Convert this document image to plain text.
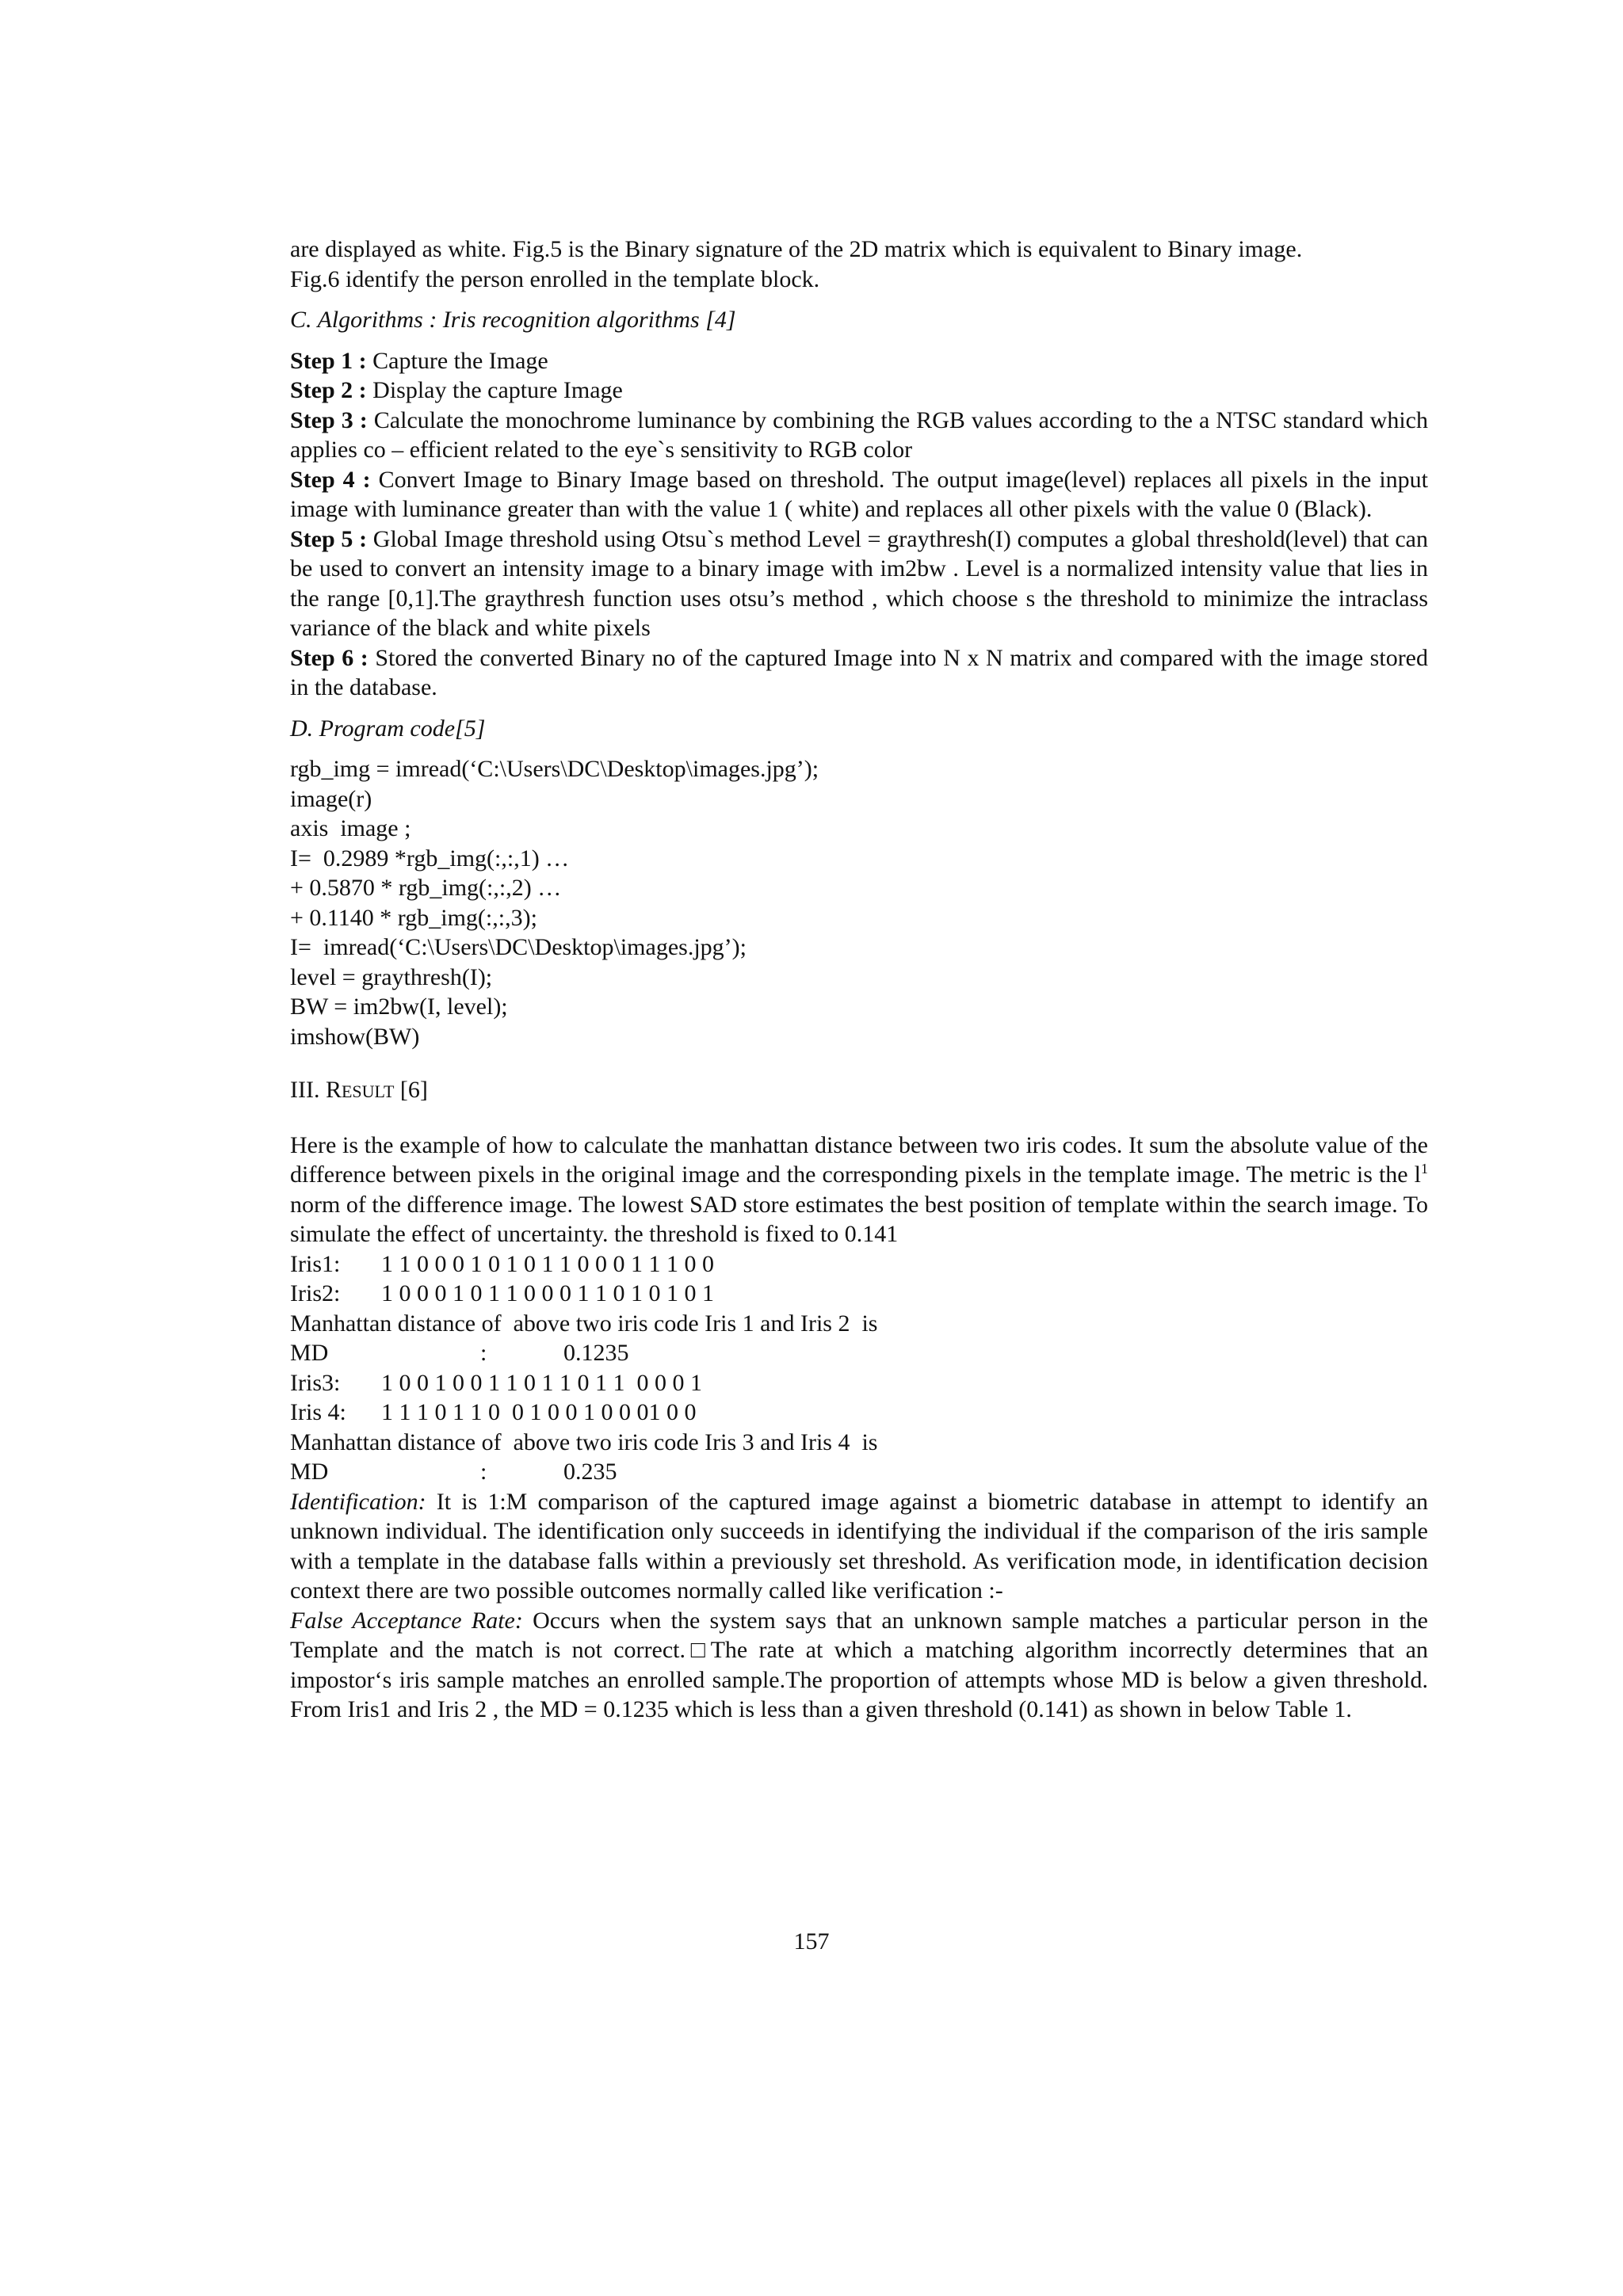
are displayed as white. Fig.5 is the Binary signature of the 2D matrix which is equivalent to Binary image.
Fig.6 identify the person enrolled in the template block.

C. Algorithms : Iris recognition algorithms [4]

Step 1 : Capture the Image

Step 2 : Display the capture Image

Step 3 : Calculate the monochrome luminance by combining the RGB values according to the a NTSC standard which applies co – efficient related to the eye`s sensitivity to RGB color

Step 4 : Convert Image to Binary Image based on threshold. The output image(level) replaces all pixels in the input image with luminance greater than with the value 1 ( white) and replaces all other pixels with the value 0 (Black).

Step 5 : Global Image threshold using Otsu`s method Level = graythresh(I) computes a global threshold(level) that can be used to convert an intensity image to a binary image with im2bw . Level is a normalized intensity value that lies in the range [0,1].The graythresh function uses otsu’s method , which choose s the threshold to minimize the intraclass variance of the black and white pixels

Step 6 : Stored the converted Binary no of the captured Image into N x N matrix and compared with the image stored in the database.

D. Program code[5]

rgb_img = imread(‘C:\Users\DC\Desktop\images.jpg’);

image(r)

axis  image ;

I=  0.2989 *rgb_img(:,:,1) …

+ 0.5870 * rgb_img(:,:,2) …

+ 0.1140 * rgb_img(:,:,3);

I=  imread(‘C:\Users\DC\Desktop\images.jpg’);

level = graythresh(I);

BW = im2bw(I, level);

imshow(BW)

III. RESULT [6]

Here is the example of how to calculate the manhattan distance between two iris codes. It sum the absolute value of the difference between pixels in the original image and the corresponding pixels in the template image. The metric is the $l^1$ norm of the difference image. The lowest SAD store estimates the best position of template within the search image. To simulate the effect of uncertainty. the threshold is fixed to 0.141

Iris1: 1 1 0 0 0 1 0 1 0 1 1 0 0 0 1 1 1 0 0

Iris2: 1 0 0 0 1 0 1 1 0 0 0 1 1 0 1 0 1 0 1

Manhattan distance of  above two iris code Iris 1 and Iris 2  is

MD	:	0.1235

Iris3: 1 0 0 1 0 0 1 1 0 1 1 0 1 1  0 0 0 1

Iris 4: 1 1 1 0 1 1 0  0 1 0 0 1 0 0 01 0 0

Manhattan distance of  above two iris code Iris 3 and Iris 4  is

MD	:	0.235

Identification: It is 1:M comparison of the captured image against a biometric database in attempt to identify an unknown individual. The identification only succeeds in identifying the individual if the comparison of the iris sample with a template in the database falls within a previously set threshold. As verification mode, in identification decision context there are two possible outcomes normally called like verification :-

False Acceptance Rate: Occurs when the system says that an unknown sample matches a particular person in the Template and the match is not correct.□The rate at which a matching algorithm incorrectly determines that an impostor‘s iris sample matches an enrolled sample.The proportion of attempts whose MD is below a given threshold. From Iris1 and Iris 2 , the MD = 0.1235 which is less than a given threshold (0.141) as shown in below Table 1.

157
